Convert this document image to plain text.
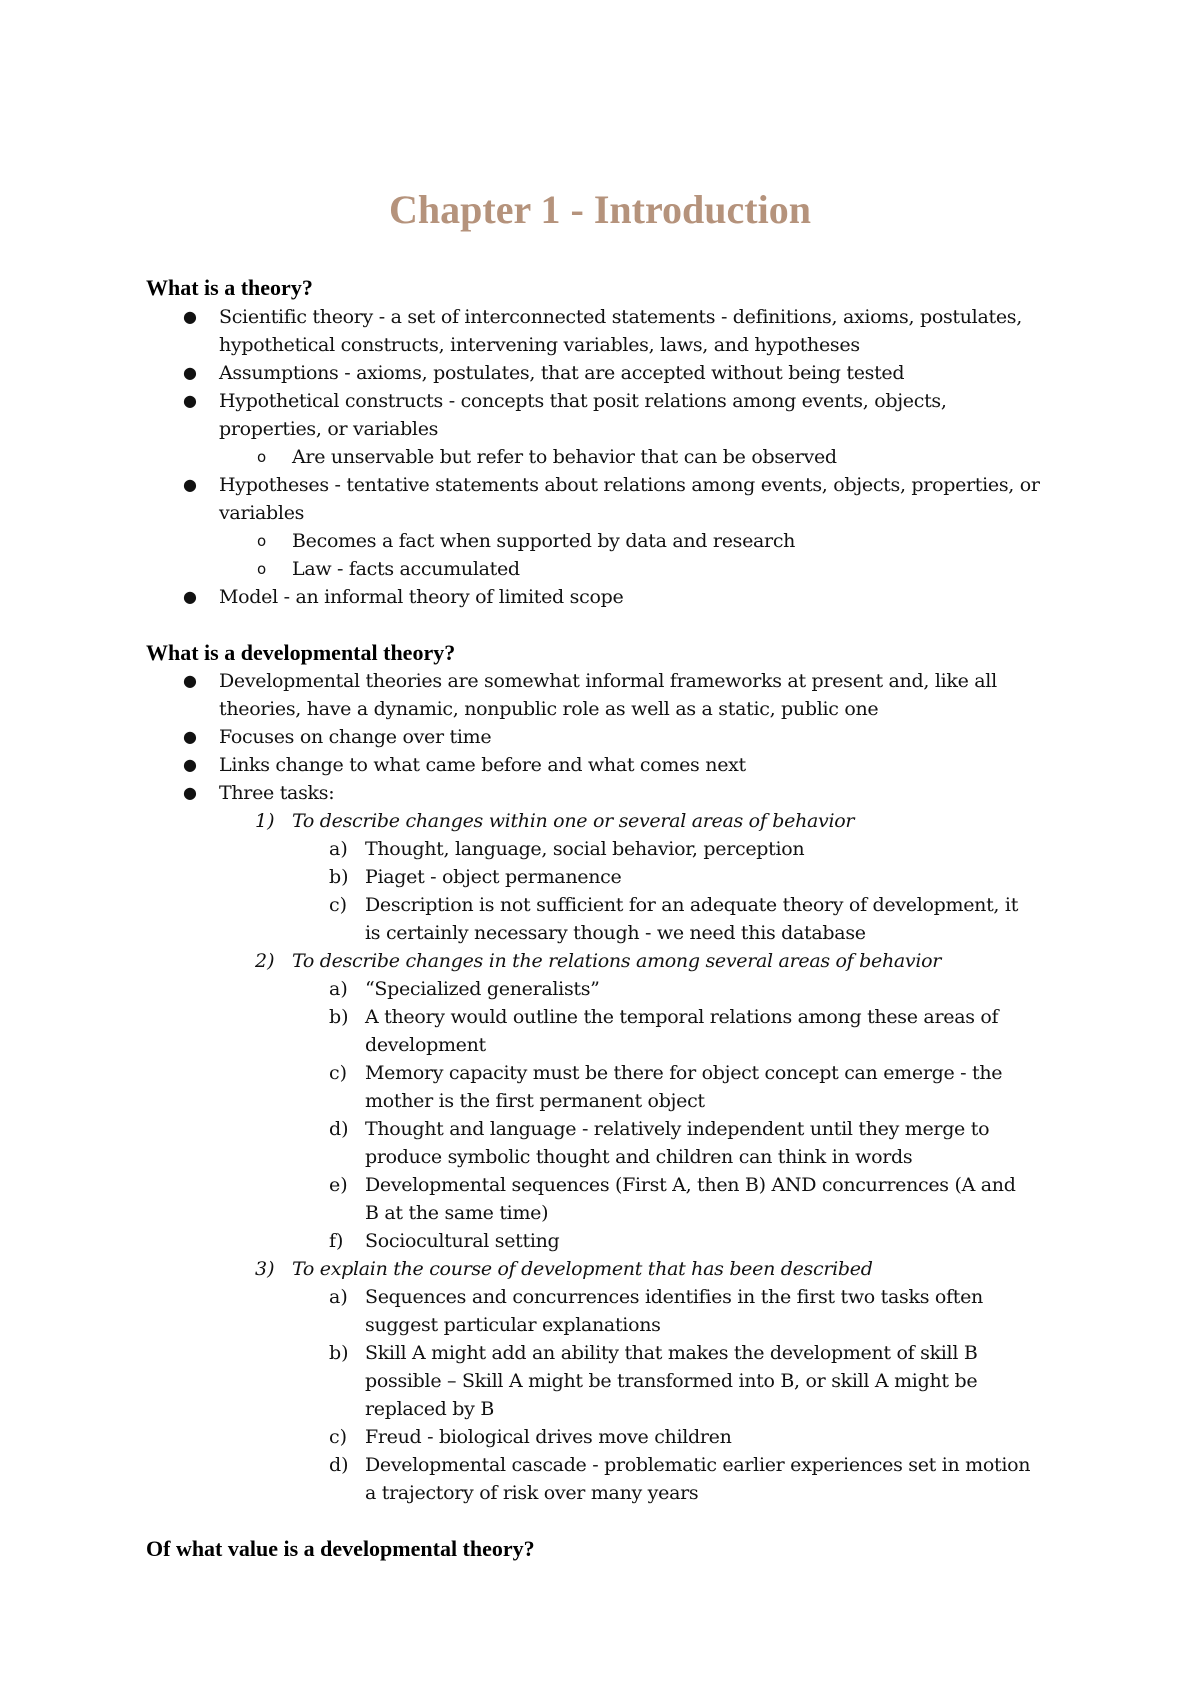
Chapter 1 - Introduction
What is a theory?
● Scientific theory - a set of interconnected statements - definitions, axioms, postulates,
hypothetical constructs, intervening variables, laws, and hypotheses
● Assumptions - axioms, postulates, that are accepted without being tested
● Hypothetical constructs - concepts that posit relations among events, objects,
properties, or variables
o Are unservable but refer to behavior that can be observed
● Hypotheses - tentative statements about relations among events, objects, properties, or
variables
o Becomes a fact when supported by data and research
o Law - facts accumulated
● Model - an informal theory of limited scope
What is a developmental theory?
● Developmental theories are somewhat informal frameworks at present and, like all
theories, have a dynamic, nonpublic role as well as a static, public one
● Focuses on change over time
● Links change to what came before and what comes next
● Three tasks:
1) To describe changes within one or several areas of behavior
a) Thought, language, social behavior, perception
b) Piaget - object permanence
c) Description is not sufficient for an adequate theory of development, it
is certainly necessary though - we need this database
2) To describe changes in the relations among several areas of behavior
a) “Specialized generalists”
b) A theory would outline the temporal relations among these areas of
development
c) Memory capacity must be there for object concept can emerge - the
mother is the first permanent object
d) Thought and language - relatively independent until they merge to
produce symbolic thought and children can think in words
e) Developmental sequences (First A, then B) AND concurrences (A and
B at the same time)
f) Sociocultural setting
3) To explain the course of development that has been described
a) Sequences and concurrences identifies in the first two tasks often
suggest particular explanations
b) Skill A might add an ability that makes the development of skill B
possible – Skill A might be transformed into B, or skill A might be
replaced by B
c) Freud - biological drives move children
d) Developmental cascade - problematic earlier experiences set in motion
a trajectory of risk over many years
Of what value is a developmental theory?
